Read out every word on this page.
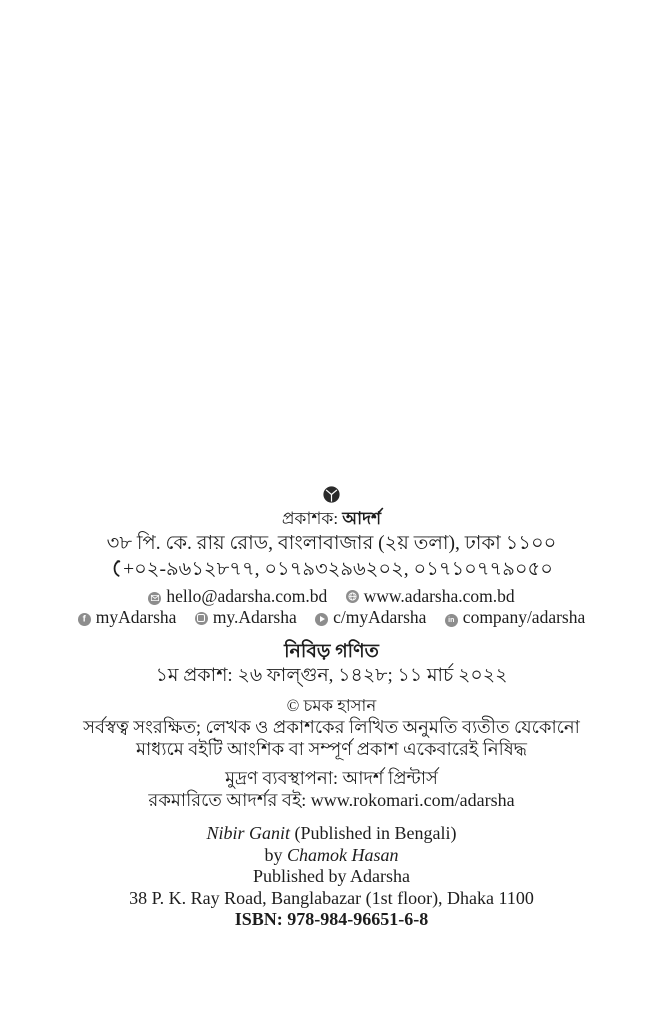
প্রকাশক: আদর্শ
৩৮ পি. কে. রায় রোড, বাংলাবাজার (২য় তলা), ঢাকা ১১০০
+০২-৯৬১২৮৭৭, ০১৭৯৩২৯৬২০২, ০১৭১০৭৭৯০৫০
hello@adarsha.com.bd www.adarsha.com.bd
f myAdarsha my.Adarsha c/myAdarsha	in company/adarsha
নিবিড় গণিত
১ম প্রকাশ: ২৬ ফাল্গুন, ১৪২৮; ১১ মার্চ ২০২২
© চমক হাসান
সর্বস্বত্ব সংরক্ষিত; লেখক ও প্রকাশকের লিখিত অনুমতি ব্যতীত যেকোনো
মাধ্যমে বইটি আংশিক বা সম্পূর্ণ প্রকাশ একেবারেই নিষিদ্ধ
মুদ্রণ ব্যবস্থাপনা: আদর্শ প্রিন্টার্স
রকমারিতে আদর্শর বই: www.rokomari.com/adarsha
Nibir Ganit (Published in Bengali)
by Chamok Hasan
Published by Adarsha
38 P. K. Ray Road, Banglabazar (1st floor), Dhaka 1100
ISBN: 978-984-96651-6-8
